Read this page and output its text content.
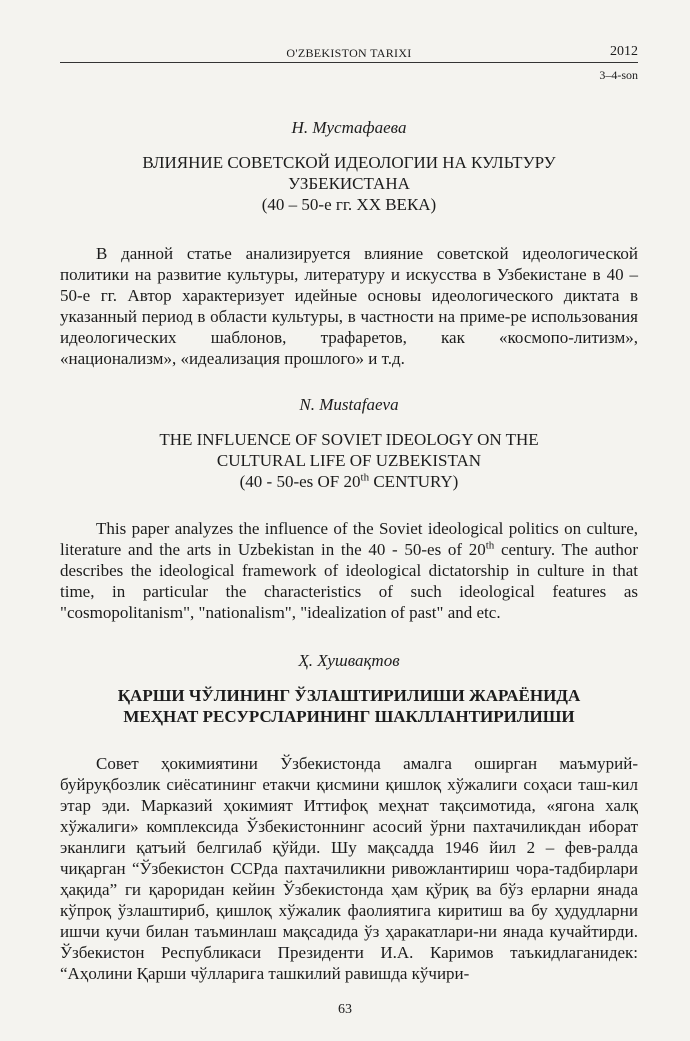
O'ZBEKISTON TARIXI	2012
3–4-son

Н. Мустафаева

ВЛИЯНИЕ СОВЕТСКОЙ ИДЕОЛОГИИ НА КУЛЬТУРУ
УЗБЕКИСТАНА
(40 – 50-е гг. XX ВЕКА)

В данной статье анализируется влияние советской идеологической политики на развитие культуры, литературу и искусства в Узбекистане в 40 – 50-е гг. Автор характеризует идейные основы идеологического диктата в указанный период в области культуры, в частности на приме-ре использования идеологических шаблонов, трафаретов, как «космопо-литизм», «национализм», «идеализация прошлого» и т.д.

N. Mustafaeva

THE INFLUENCE OF SOVIET IDEOLOGY ON THE
CULTURAL LIFE OF UZBEKISTAN
(40 - 50-es OF 20th CENTURY)

This paper analyzes the influence of the Soviet ideological politics on culture, literature and the arts in Uzbekistan in the 40 - 50-es of 20th century. The author describes the ideological framework of ideological dictatorship in culture in that time, in particular the characteristics of such ideological features as "cosmopolitanism", "nationalism", "idealization of past" and etc.

Ҳ. Хушвақтов

ҚАРШИ ЧЎЛИНИНГ ЎЗЛАШТИРИЛИШИ ЖАРАЁНИДА
МЕҲНАТ РЕСУРСЛАРИНИНГ ШАКЛЛАНТИРИЛИШИ

Совет ҳокимиятини Ўзбекистонда амалга оширган маъмурий-буйруқбозлик сиёсатининг етакчи қисмини қишлоқ хўжалиги соҳаси таш-кил этар эди. Марказий ҳокимият Иттифоқ меҳнат тақсимотида, «ягона халқ хўжалиги» комплексида Ўзбекистоннинг асосий ўрни пахтачиликдан иборат эканлиги қатъий белгилаб қўйди. Шу мақсадда 1946 йил 2 – фев-ралда чиқарган “Ўзбекистон ССРда пахтачиликни ривожлантириш чора-тадбирлари ҳақида” ги қароридан кейин Ўзбекистонда ҳам қўриқ ва бўз ерларни янада кўпроқ ўзлаштириб, қишлоқ хўжалик фаолиятига киритиш ва бу ҳудудларни ишчи кучи билан таъминлаш мақсадида ўз ҳаракатлари-ни янада кучайтирди. Ўзбекистон Республикаси Президенти И.А. Каримов таъкидлаганидек: “Аҳолини Қарши чўлларига ташкилий равишда кўчири-

63
